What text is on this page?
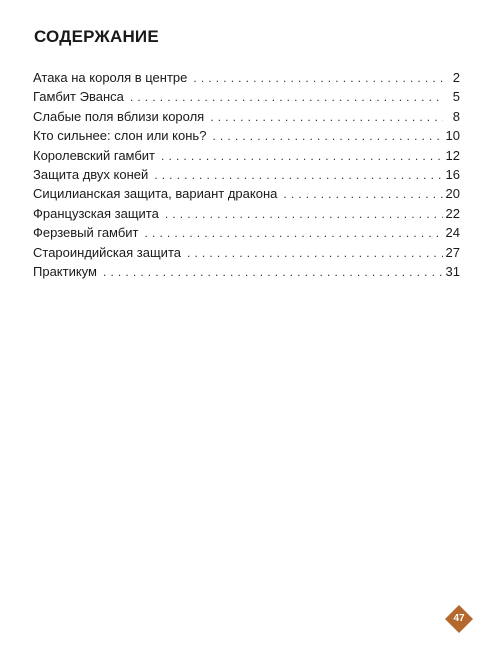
СОДЕРЖАНИЕ
Атака на короля в центре . . .	2
Гамбит Эванса . . .	5
Слабые поля вблизи короля . . .	8
Кто сильнее: слон или конь? . . .	10
Королевский гамбит . . .	12
Защита двух коней . . .	16
Сицилианская защита, вариант дракона . . .	20
Французская защита . . .	22
Ферзевый гамбит . . .	24
Староиндийская защита . . .	27
Практикум . . .	31
47
